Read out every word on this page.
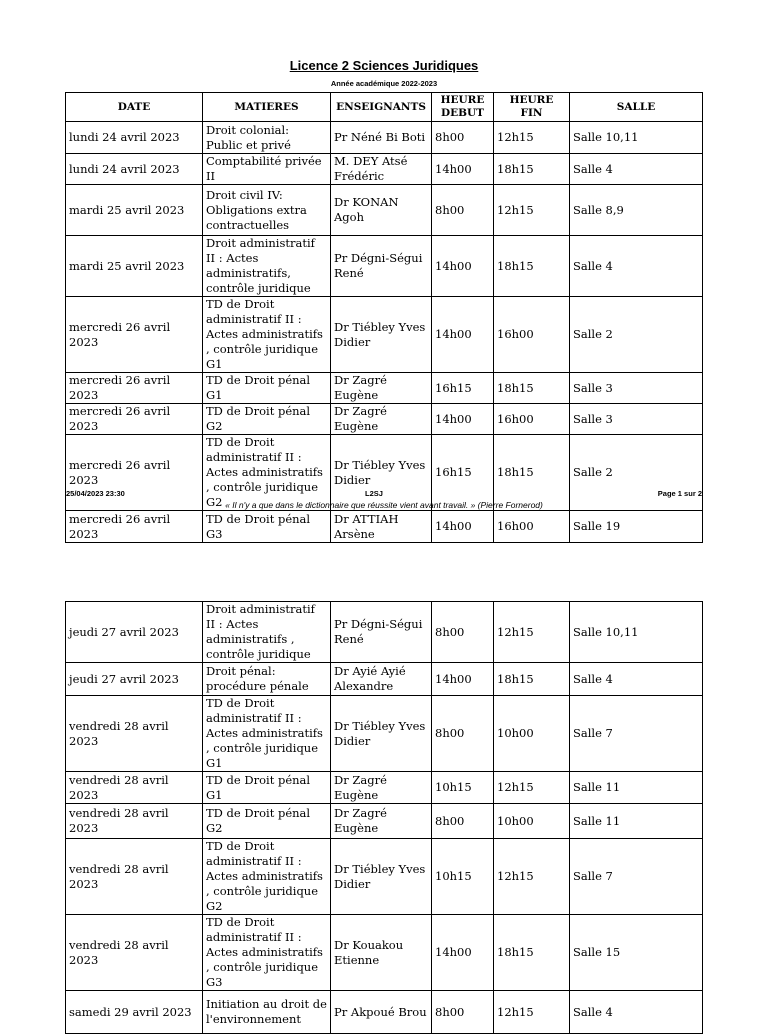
Licence 2 Sciences Juridiques
Année académique 2022-2023
DATE	MATIERES	ENSEIGNANTS	HEURE DEBUT	HEURE FIN	SALLE
lundi 24 avril 2023	Droit colonial: Public et privé	Pr Néné Bi Boti	8h00	12h15	Salle 10,11
lundi 24 avril 2023	Comptabilité privée II	M. DEY Atsé Frédéric	14h00	18h15	Salle 4
mardi 25 avril 2023	Droit civil IV: Obligations extra contractuelles	Dr KONAN Agoh	8h00	12h15	Salle 8,9
mardi 25 avril 2023	Droit administratif II : Actes administratifs, contrôle juridique	Pr Dégni-Ségui René	14h00	18h15	Salle 4
mercredi 26 avril 2023	TD de Droit administratif II : Actes administratifs , contrôle juridique G1	Dr Tiébley Yves Didier	14h00	16h00	Salle 2
mercredi 26 avril 2023	TD de Droit pénal G1	Dr Zagré Eugène	16h15	18h15	Salle 3
mercredi 26 avril 2023	TD de Droit pénal G2	Dr Zagré Eugène	14h00	16h00	Salle 3
mercredi 26 avril 2023	TD de Droit administratif II : Actes administratifs , contrôle juridique G2	Dr Tiébley Yves Didier	16h15	18h15	Salle 2
mercredi 26 avril 2023	TD de Droit pénal G3	Dr ATTIAH Arsène	14h00	16h00	Salle 19
25/04/2023 23:30	L2SJ	Page 1 sur 2
« Il n'y a que dans le dictionnaire que réussite vient avant travail. » (Pierre Fornerod)
jeudi 27 avril 2023	Droit administratif II : Actes administratifs , contrôle juridique	Pr Dégni-Ségui René	8h00	12h15	Salle 10,11
jeudi 27 avril 2023	Droit pénal: procédure pénale	Dr Ayié Ayié Alexandre	14h00	18h15	Salle 4
vendredi 28 avril 2023	TD de Droit administratif II : Actes administratifs , contrôle juridique G1	Dr Tiébley Yves Didier	8h00	10h00	Salle 7
vendredi 28 avril 2023	TD de Droit pénal G1	Dr Zagré Eugène	10h15	12h15	Salle 11
vendredi 28 avril 2023	TD de Droit pénal G2	Dr Zagré Eugène	8h00	10h00	Salle 11
vendredi 28 avril 2023	TD de Droit administratif II : Actes administratifs , contrôle juridique G2	Dr Tiébley Yves Didier	10h15	12h15	Salle 7
vendredi 28 avril 2023	TD de Droit administratif II : Actes administratifs , contrôle juridique G3	Dr Kouakou Etienne	14h00	18h15	Salle 15
samedi 29 avril 2023	Initiation au droit de l'environnement	Pr Akpoué Brou	8h00	12h15	Salle 4
